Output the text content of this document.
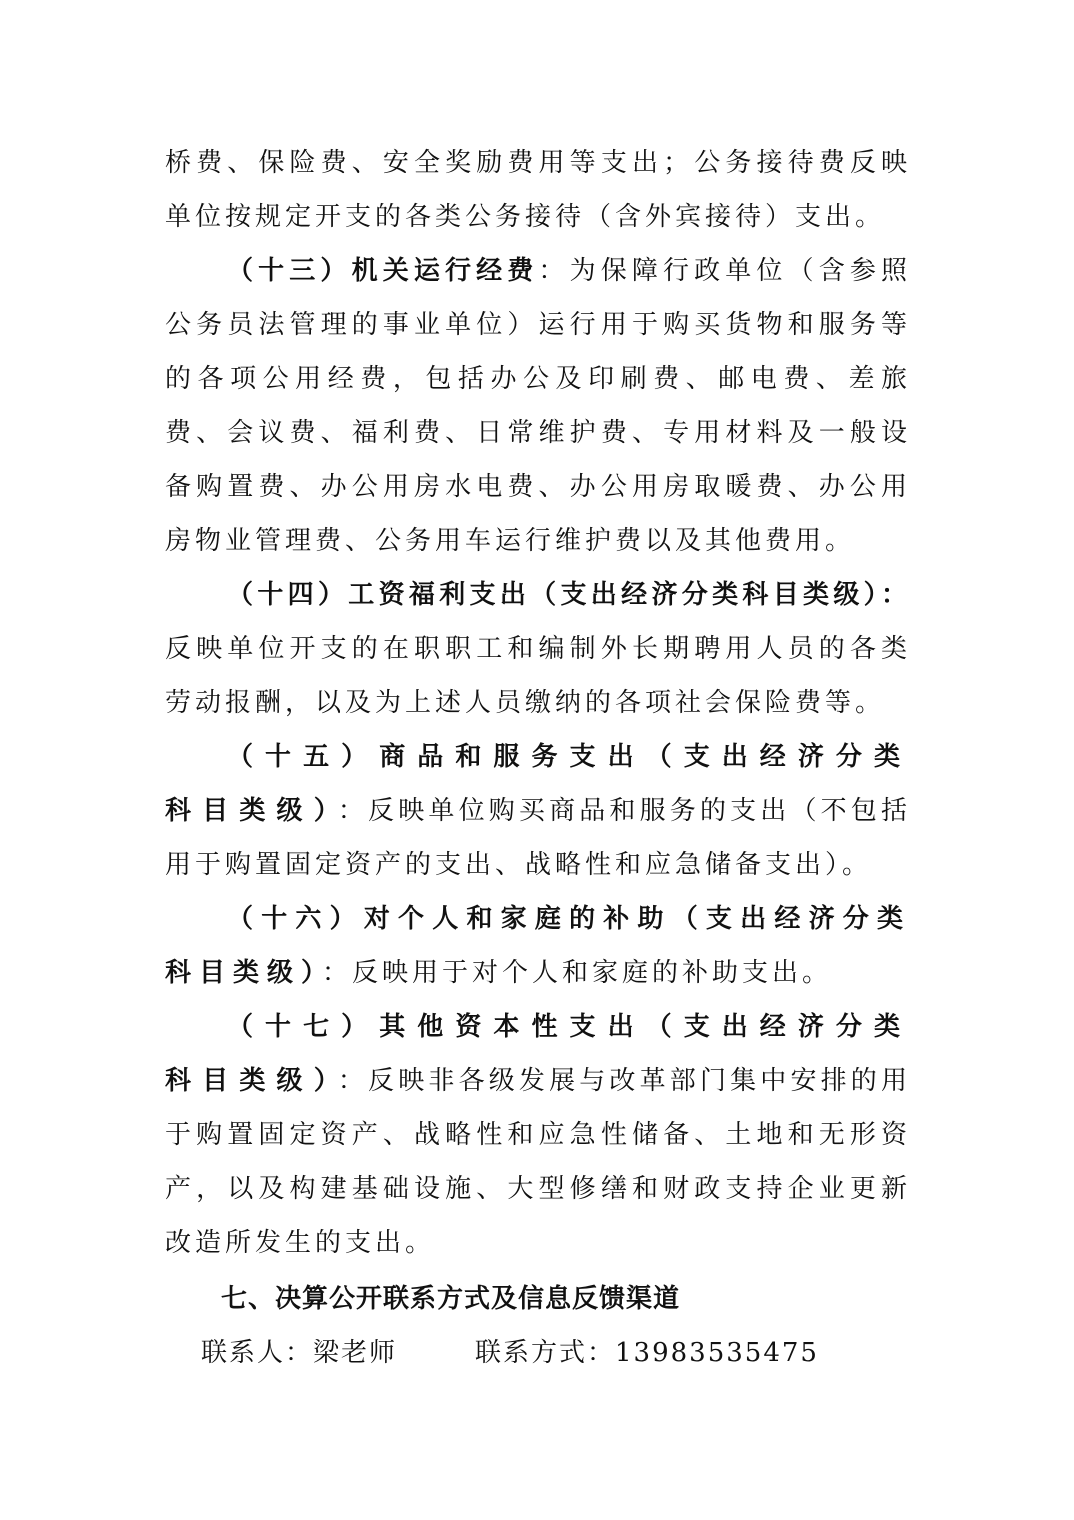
桥费、保险费、安全奖励费用等支出；公务接待费反映单位按规定开支的各类公务接待（含外宾接待）支出。

（十三）机关运行经费：为保障行政单位（含参照公务员法管理的事业单位）运行用于购买货物和服务等的各项公用经费，包括办公及印刷费、邮电费、差旅费、会议费、福利费、日常维护费、专用材料及一般设备购置费、办公用房水电费、办公用房取暖费、办公用房物业管理费、公务用车运行维护费以及其他费用。

（十四）工资福利支出（支出经济分类科目类级）：反映单位开支的在职职工和编制外长期聘用人员的各类劳动报酬，以及为上述人员缴纳的各项社会保险费等。

（十五）商品和服务支出（支出经济分类科目类级）：反映单位购买商品和服务的支出（不包括用于购置固定资产的支出、战略性和应急储备支出）。

（十六）对个人和家庭的补助（支出经济分类科目类级）：反映用于对个人和家庭的补助支出。

（十七）其他资本性支出（支出经济分类科目类级）：反映非各级发展与改革部门集中安排的用于购置固定资产、战略性和应急性储备、土地和无形资产，以及构建基础设施、大型修缮和财政支持企业更新改造所发生的支出。

七、决算公开联系方式及信息反馈渠道

联系人：梁老师	联系方式：13983535475
